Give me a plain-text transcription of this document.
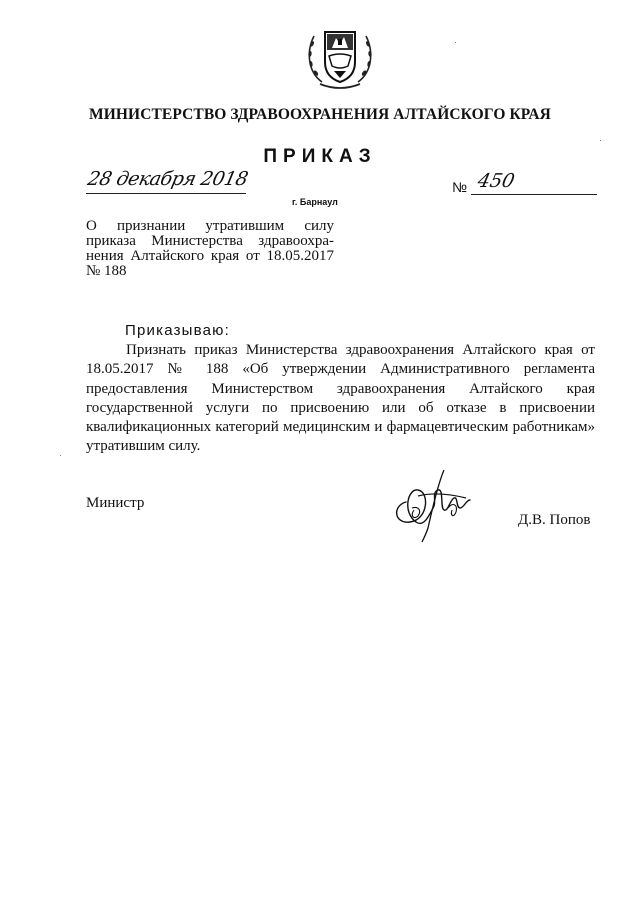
МИНИСТЕРСТВО ЗДРАВООХРАНЕНИЯ АЛТАЙСКОГО КРАЯ
ПРИКАЗ
28 декабря 2018
г. Барнаул
№ 450
О признании утратившим силу приказа Министерства здравоохра-нения Алтайского края от 18.05.2017 № 188
Приказываю:
Признать приказ Министерства здравоохранения Алтайского края от 18.05.2017 № 188 «Об утверждении Административного регламента предоставления Министерством здравоохранения Алтайского края государственной услуги по присвоению или об отказе в присвоении квалификационных категорий медицинским и фармацевтическим работникам» утратившим силу.
Министр
Д.В. Попов
